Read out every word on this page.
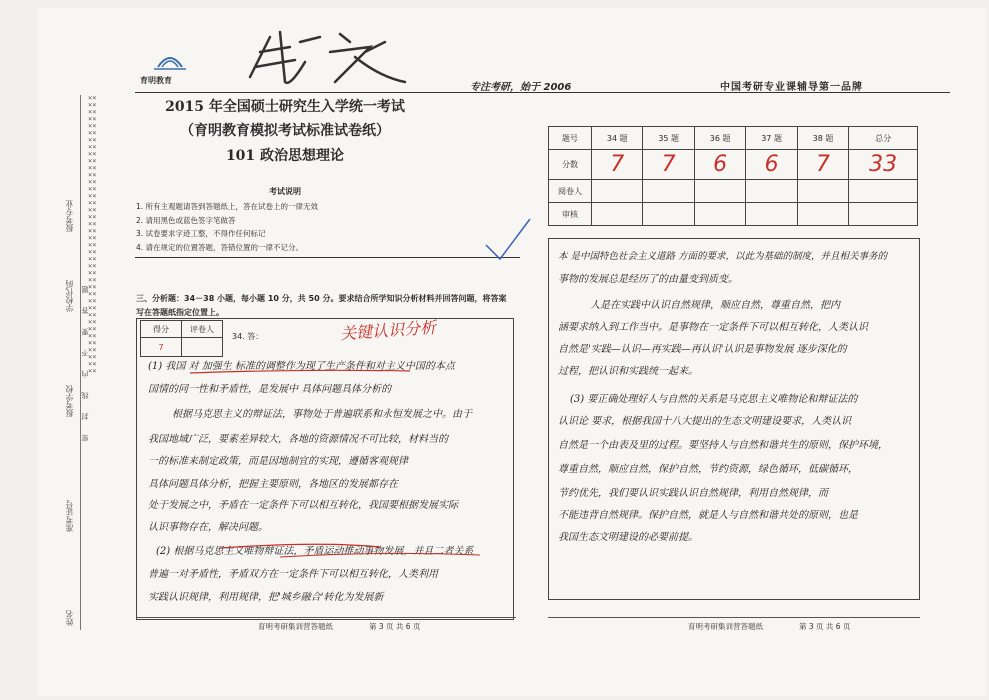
××××××××××××××××××××××××××××××××××××××××××××××××××××××××××××××××××××××××××××××××
报考专业
学校代码
报考学校
准考证号
姓名
密 封 线 内 不 要 答 题
育明教育
专注考研，始于 2006	中国考研专业课辅导第一品牌
2015 年全国硕士研究生入学统一考试
（育明教育模拟考试标准试卷纸）
101 政治思想理论
考试说明
1. 所有主观题请答到答题纸上，答在试卷上的一律无效
2. 请用黑色或蓝色签字笔做答
3. 试卷要求字迹工整，不得作任何标记
4. 请在规定的位置答题，答错位置的一律不记分。
三、分析题：34－38 小题，每小题 10 分，共 50 分。要求结合所学知识分析材料并回答问题，将答案写在答题纸指定位置上。
题号	34 题	35 题	36 题	37 题	38 题	总分
分数	7	7	6	6	7	33
阅卷人						
审核						
得分	评卷人
7	
34. 答：	关键认识分析
(1) 我国 对 加强生 标准的调整作为现了生产条件和对主义中国的本点
国情的同一性和矛盾性，是发展中 具体问题具体分析的
根据马克思主义的辩证法，事物处于普遍联系和永恒发展之中。由于
我国地域广泛，要素差异较大，各地的资源情况不可比较，材料当的
一的标准来制定政策，而是因地制宜的实现，遵循客观规律
具体问题具体分析，把握主要原则，各地区的发展都存在
处于发展之中，矛盾在一定条件下可以相互转化，我国要根据发展实际
认识事物存在，解决问题。
(2) 根据马克思主义唯物辩证法，矛盾运动推动事物发展，并且二者关系
普遍一对矛盾性，矛盾双方在一定条件下可以相互转化，人类利用
实践认识规律，利用规律，把'城乡融合'转化为发展新
本 是中国特色社会主义道路 方面的要求，以此为基础的制度，并且相关事务的
事物的发展总是经历了的由量变到质变。
人是在实践中认识自然规律，顺应自然，尊重自然，把内
涵要求纳入到工作当中。是事物在一定条件下可以相互转化，人类认识
自然是'实践—认识—再实践—再认识'认识是事物发展 逐步深化的
过程，把认识和实践统一起来。
(3) 要正确处理好人与自然的关系是马克思主义唯物论和辩证法的
认识论 要求，根据我国十八大提出的生态文明建设要求，人类认识
自然是一个由表及里的过程。要坚持人与自然和谐共生的原则，保护环境，
尊重自然，顺应自然，保护自然，节约资源，绿色循环，低碳循环，
节约优先，我们要认识实践认识自然规律，利用自然规律，而
不能违背自然规律。保护自然，就是人与自然和谐共处的原则，也是
我国生态文明建设的必要前提。
育明考研集训营答题纸	第 3 页 共 6 页	育明考研集训营答题纸	第 3 页 共 6 页
